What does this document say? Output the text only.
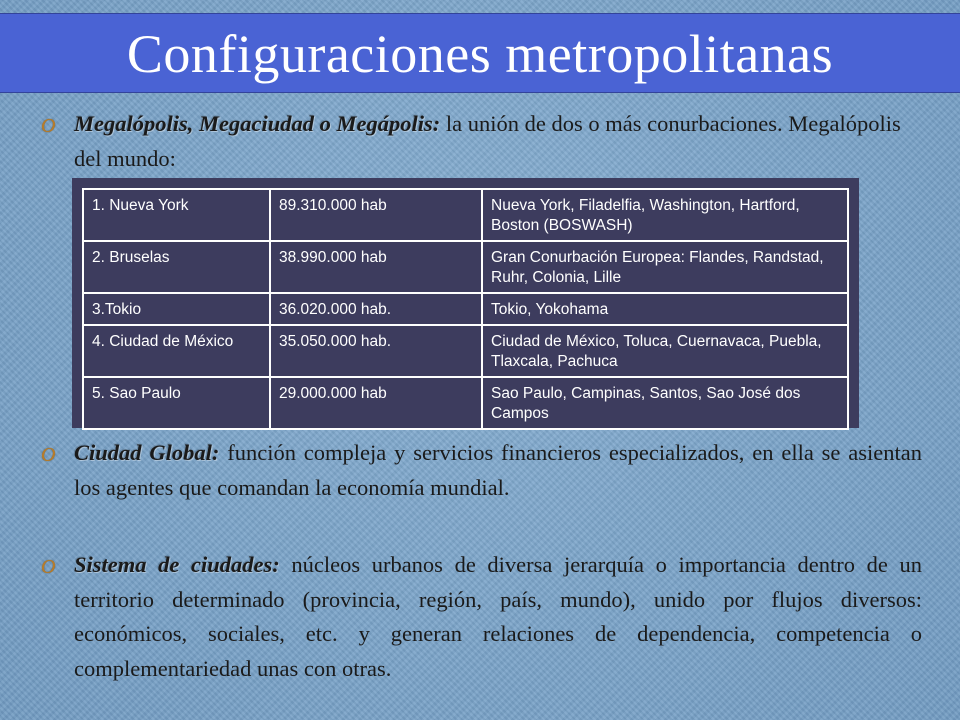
Configuraciones metropolitanas
O Megalópolis, Megaciudad o Megápolis: la unión de dos o más conurbaciones. Megalópolis del mundo:
1. Nueva York	89.310.000 hab	Nueva York, Filadelfia, Washington, Hartford, Boston (BOSWASH)
2. Bruselas	38.990.000 hab	Gran Conurbación Europea: Flandes, Randstad, Ruhr, Colonia, Lille
3.Tokio	36.020.000 hab.	Tokio, Yokohama
4. Ciudad de México	35.050.000 hab.	Ciudad de México, Toluca, Cuernavaca, Puebla, Tlaxcala, Pachuca
5. Sao Paulo	29.000.000 hab	Sao Paulo, Campinas, Santos, Sao José dos Campos
O Ciudad Global: función compleja y servicios financieros especializados, en ella se asientan los agentes que comandan la economía mundial.
O Sistema de ciudades: núcleos urbanos de diversa jerarquía o importancia dentro de un territorio determinado (provincia, región, país, mundo), unido por flujos diversos: económicos, sociales, etc. y generan relaciones de dependencia, competencia o complementariedad unas con otras.
